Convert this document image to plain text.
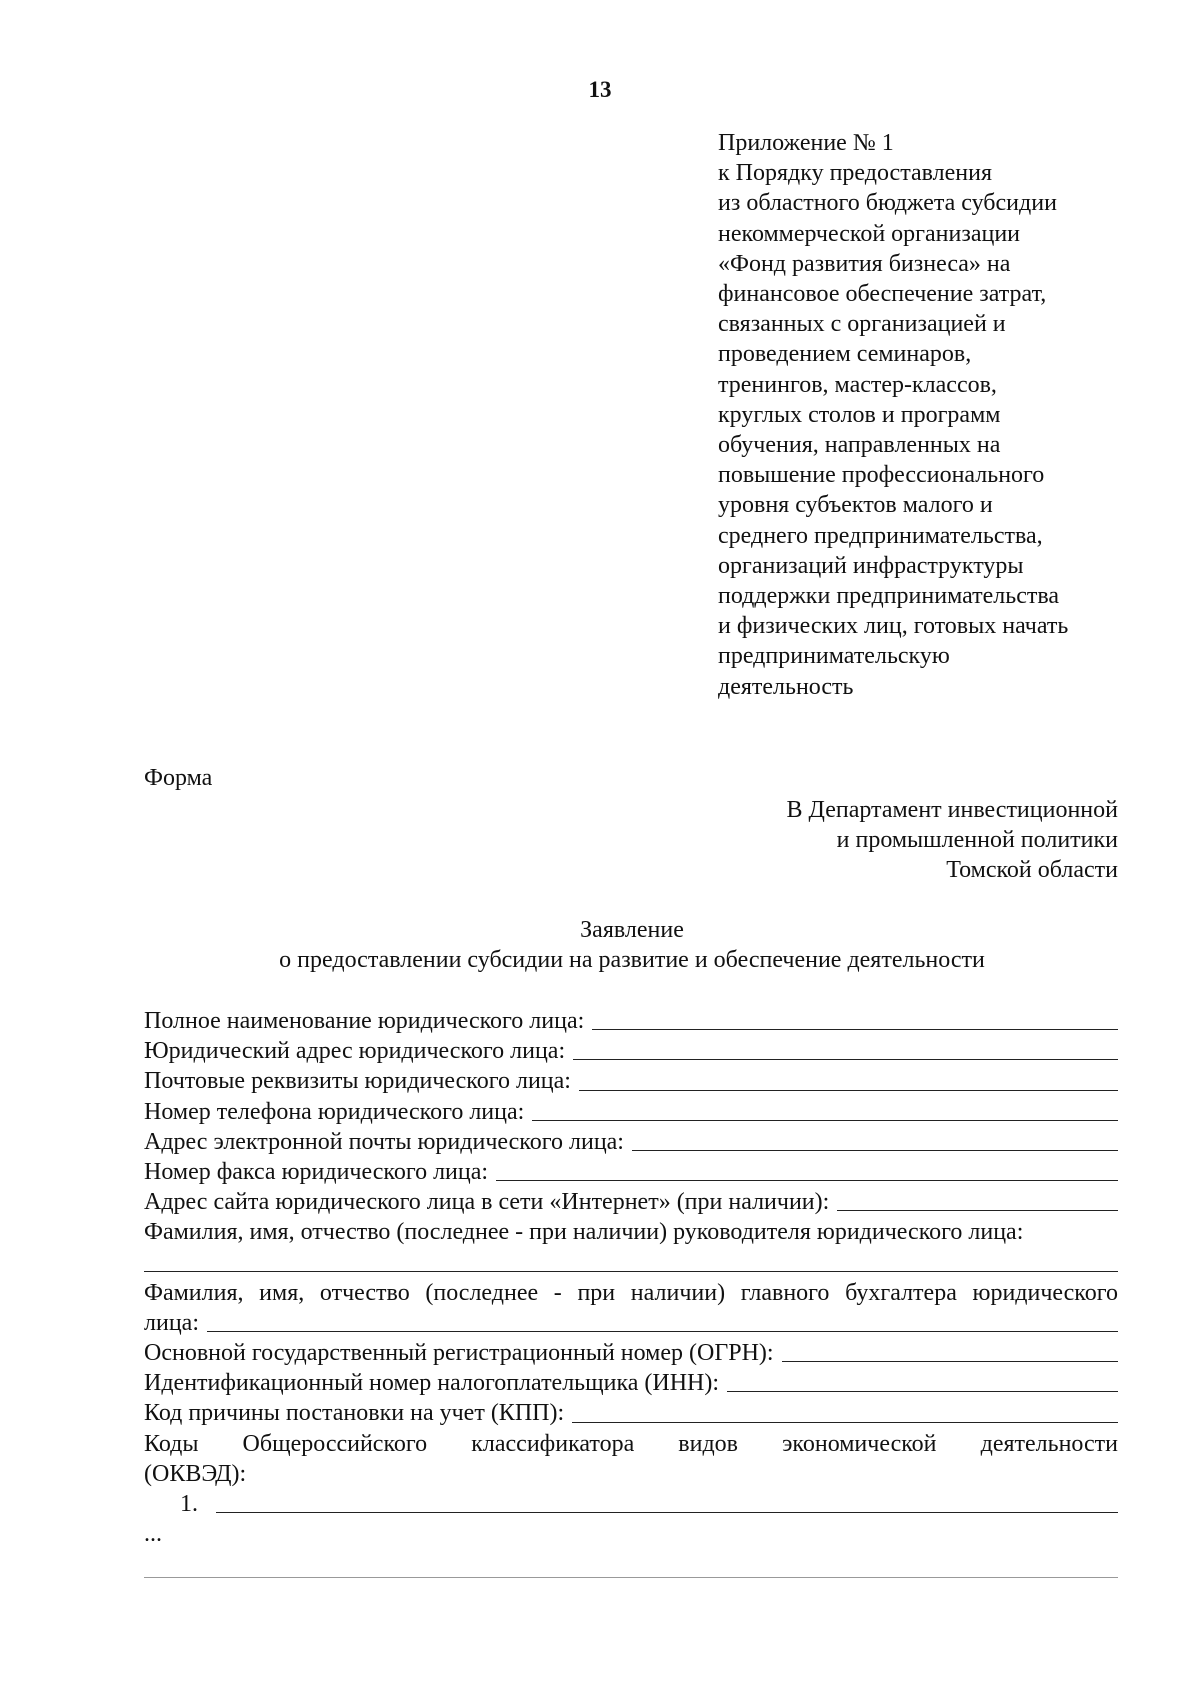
13
Приложение № 1
к Порядку предоставления
из областного бюджета субсидии
некоммерческой организации
«Фонд развития бизнеса» на
финансовое обеспечение затрат,
связанных с организацией и
проведением семинаров,
тренингов, мастер-классов,
круглых столов и программ
обучения, направленных на
повышение профессионального
уровня субъектов малого и
среднего предпринимательства,
организаций инфраструктуры
поддержки предпринимательства
и физических лиц, готовых начать
предпринимательскую
деятельность
Форма
В Департамент инвестиционной
и промышленной политики
Томской области
Заявление
о предоставлении субсидии на развитие и обеспечение деятельности
Полное наименование юридического лица:
Юридический адрес юридического лица:
Почтовые реквизиты юридического лица:
Номер телефона юридического лица:
Адрес электронной почты юридического лица:
Номер факса юридического лица:
Адрес сайта юридического лица в сети «Интернет» (при наличии):
Фамилия, имя, отчество (последнее - при наличии) руководителя юридического лица:
Фамилия, имя, отчество (последнее - при наличии) главного бухгалтера юридического
лица:
Основной государственный регистрационный номер (ОГРН):
Идентификационный номер налогоплательщика (ИНН):
Код причины постановки на учет (КПП):
Коды Общероссийского классификатора видов экономической деятельности
(ОКВЭД):
1.
...
